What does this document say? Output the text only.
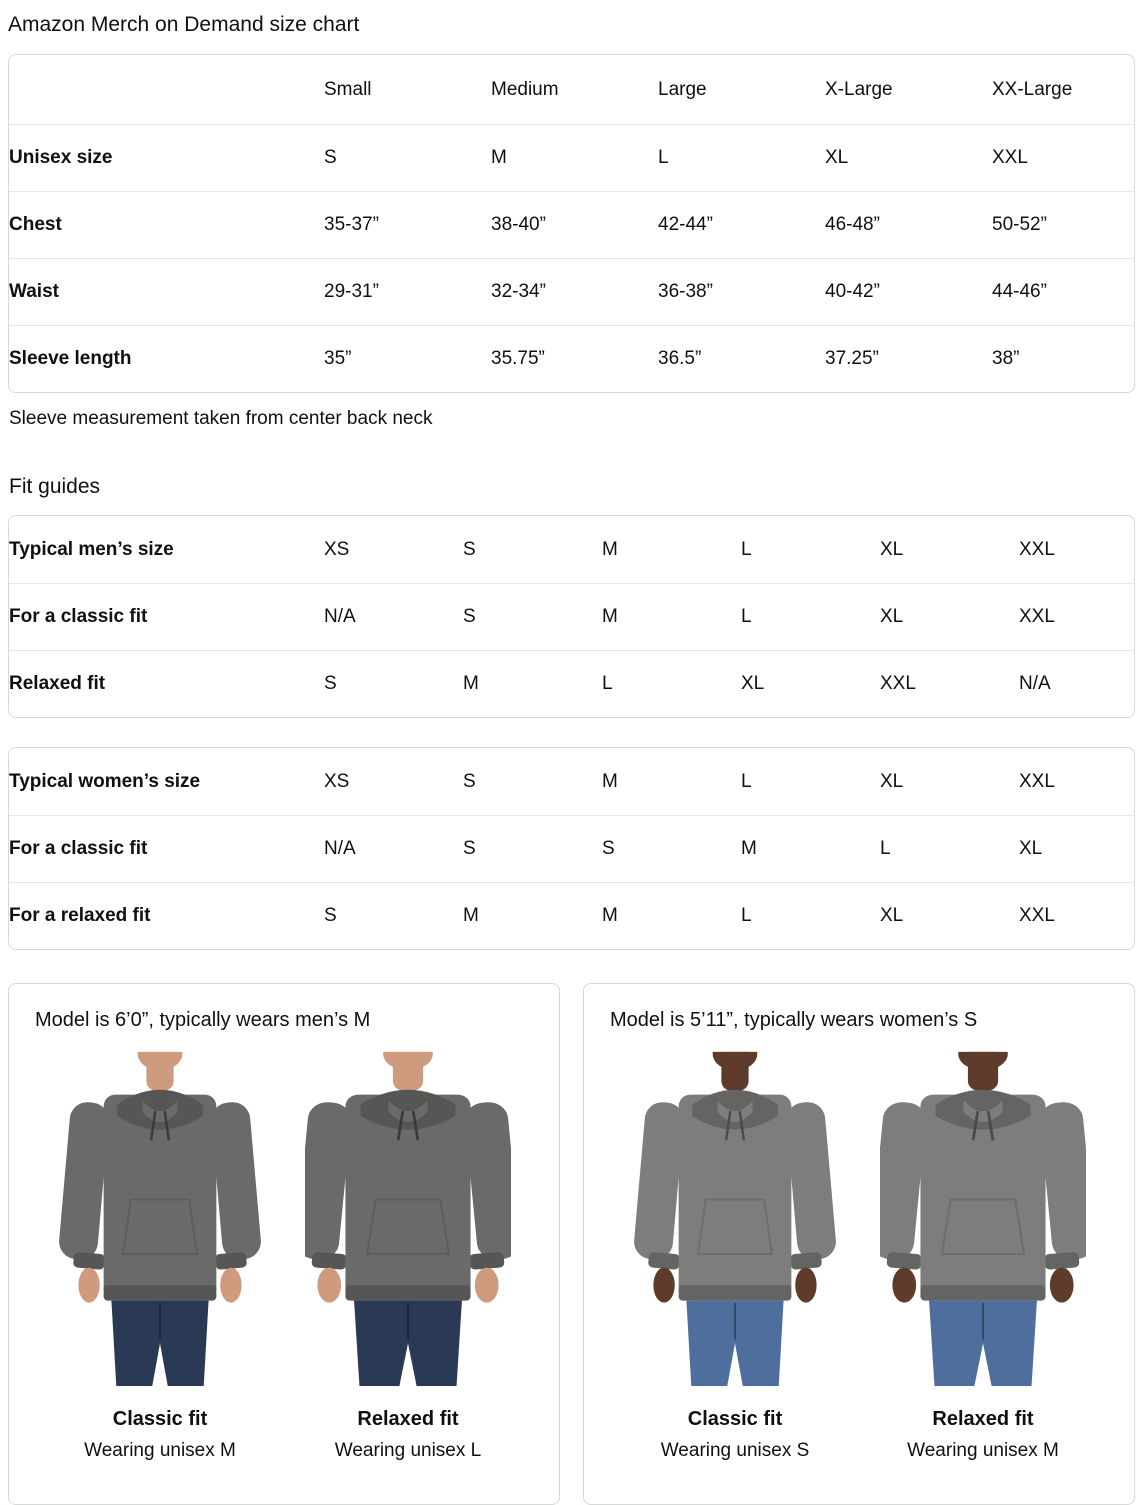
Amazon Merch on Demand size chart
	Small	Medium	Large	X-Large	XX-Large
Unisex size	S	M	L	XL	XXL
Chest	35-37”	38-40”	42-44”	46-48”	50-52”
Waist	29-31”	32-34”	36-38”	40-42”	44-46”
Sleeve length	35”	35.75”	36.5”	37.25”	38”
Sleeve measurement taken from center back neck
Fit guides
Typical men’s size	XS	S	M	L	XL	XXL
For a classic fit	N/A	S	M	L	XL	XXL
Relaxed fit	S	M	L	XL	XXL	N/A
Typical women’s size	XS	S	M	L	XL	XXL
For a classic fit	N/A	S	S	M	L	XL
For a relaxed fit	S	M	M	L	XL	XXL
Model is 6’0”, typically wears men’s M
Classic fit
Wearing unisex M
Relaxed fit
Wearing unisex L
Model is 5’11”, typically wears women’s S
Classic fit
Wearing unisex S
Relaxed fit
Wearing unisex M
